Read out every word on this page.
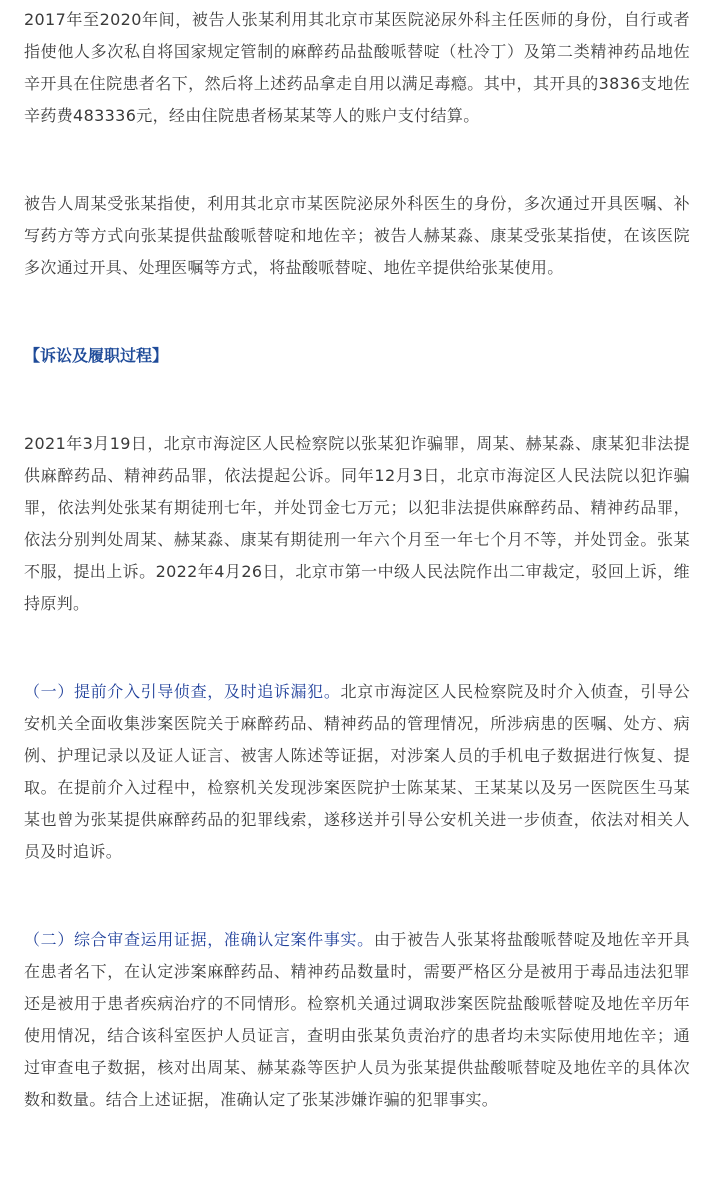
2017年至2020年间，被告人张某利用其北京市某医院泌尿外科主任医师的身份，自行或者指使他人多次私自将国家规定管制的麻醉药品盐酸哌替啶（杜冷丁）及第二类精神药品地佐辛开具在住院患者名下，然后将上述药品拿走自用以满足毒瘾。其中，其开具的3836支地佐辛药费483336元，经由住院患者杨某某等人的账户支付结算。

被告人周某受张某指使，利用其北京市某医院泌尿外科医生的身份，多次通过开具医嘱、补写药方等方式向张某提供盐酸哌替啶和地佐辛；被告人赫某淼、康某受张某指使，在该医院多次通过开具、处理医嘱等方式，将盐酸哌替啶、地佐辛提供给张某使用。

【诉讼及履职过程】

2021年3月19日，北京市海淀区人民检察院以张某犯诈骗罪，周某、赫某淼、康某犯非法提供麻醉药品、精神药品罪，依法提起公诉。同年12月3日，北京市海淀区人民法院以犯诈骗罪，依法判处张某有期徒刑七年，并处罚金七万元；以犯非法提供麻醉药品、精神药品罪，依法分别判处周某、赫某淼、康某有期徒刑一年六个月至一年七个月不等，并处罚金。张某不服，提出上诉。2022年4月26日，北京市第一中级人民法院作出二审裁定，驳回上诉，维持原判。

（一）提前介入引导侦查，及时追诉漏犯。北京市海淀区人民检察院及时介入侦查，引导公安机关全面收集涉案医院关于麻醉药品、精神药品的管理情况，所涉病患的医嘱、处方、病例、护理记录以及证人证言、被害人陈述等证据，对涉案人员的手机电子数据进行恢复、提取。在提前介入过程中，检察机关发现涉案医院护士陈某某、王某某以及另一医院医生马某某也曾为张某提供麻醉药品的犯罪线索，遂移送并引导公安机关进一步侦查，依法对相关人员及时追诉。

（二）综合审查运用证据，准确认定案件事实。由于被告人张某将盐酸哌替啶及地佐辛开具在患者名下，在认定涉案麻醉药品、精神药品数量时，需要严格区分是被用于毒品违法犯罪还是被用于患者疾病治疗的不同情形。检察机关通过调取涉案医院盐酸哌替啶及地佐辛历年使用情况，结合该科室医护人员证言，查明由张某负责治疗的患者均未实际使用地佐辛；通过审查电子数据，核对出周某、赫某淼等医护人员为张某提供盐酸哌替啶及地佐辛的具体次数和数量。结合上述证据，准确认定了张某涉嫌诈骗的犯罪事实。
